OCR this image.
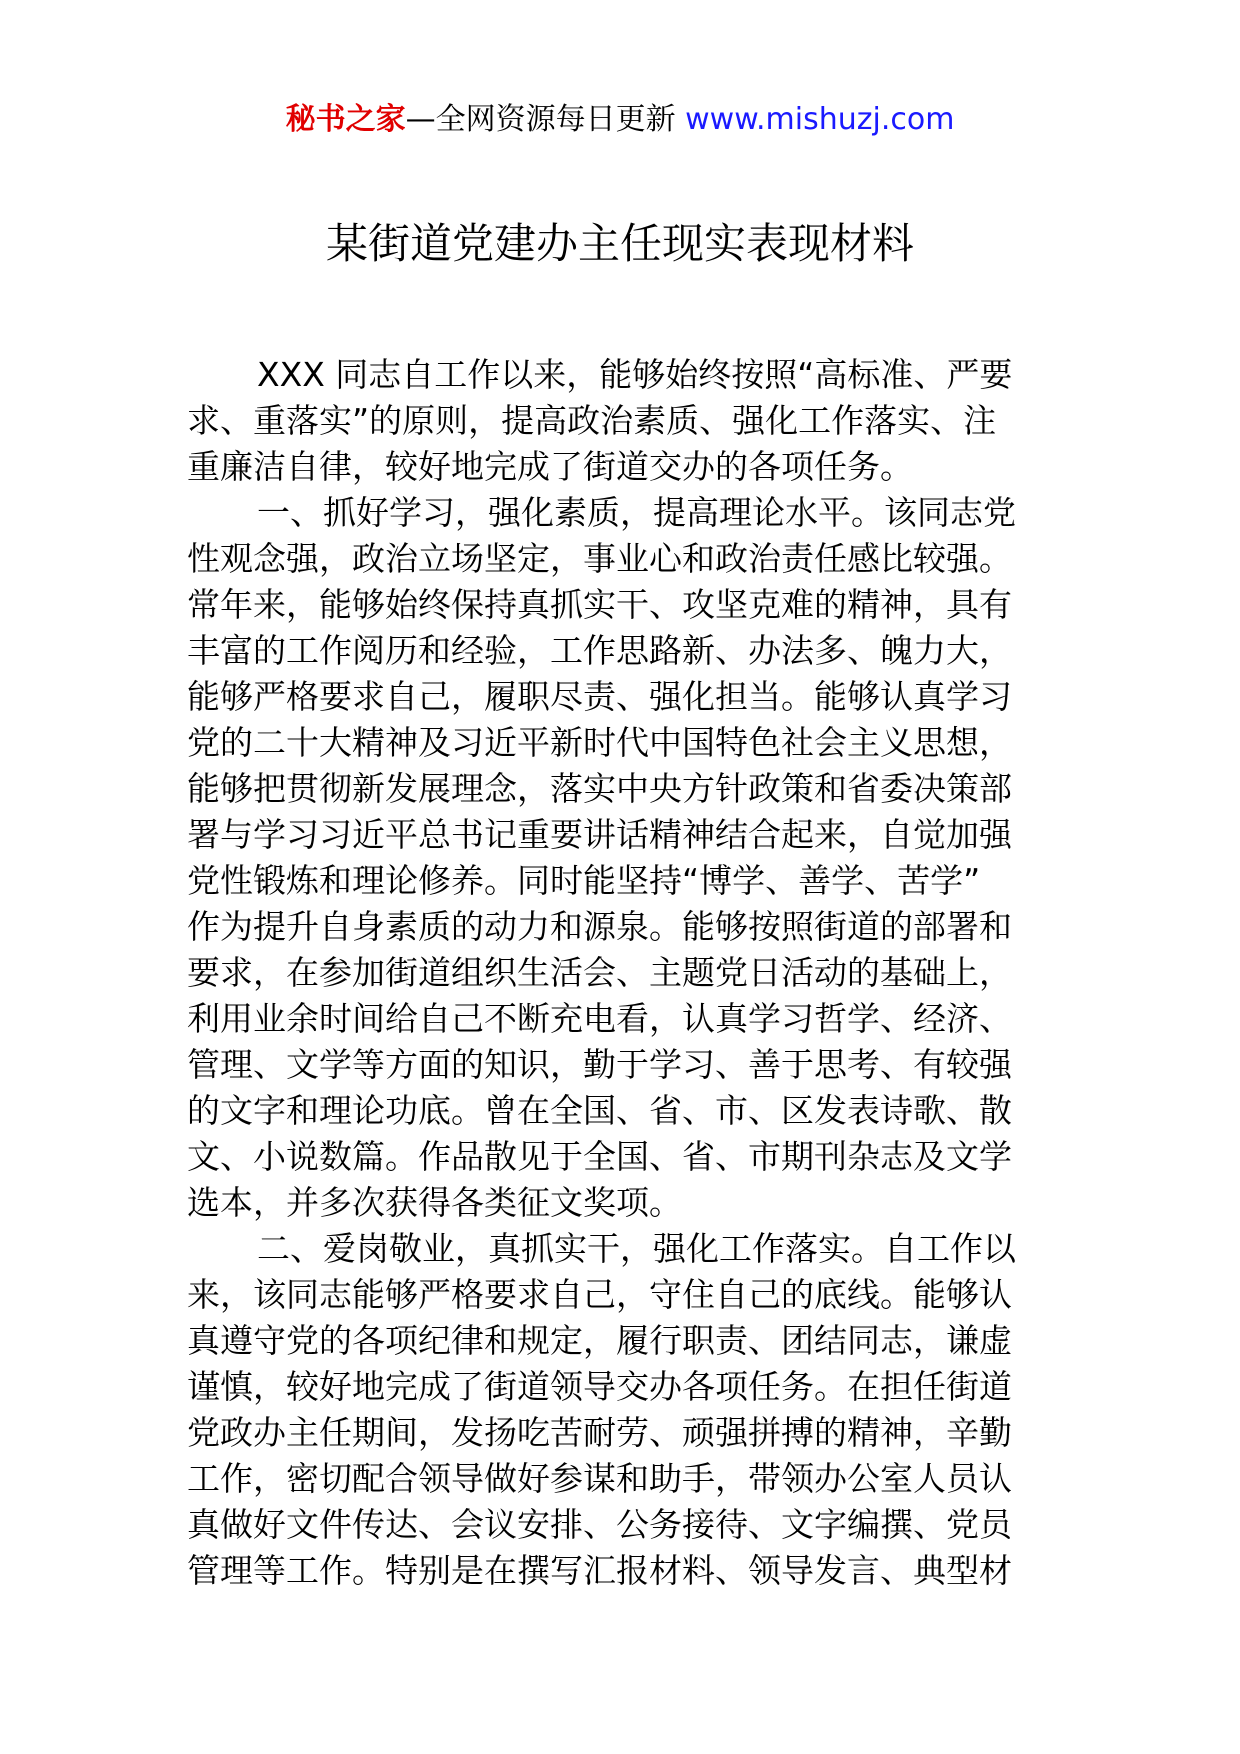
秘书之家—全网资源每日更新 www.mishuzj.com
某街道党建办主任现实表现材料
XXX 同志自工作以来，能够始终按照“高标准、严要
求、重落实”的原则，提高政治素质、强化工作落实、注
重廉洁自律，较好地完成了街道交办的各项任务。
一、抓好学习，强化素质，提高理论水平。该同志党
性观念强，政治立场坚定，事业心和政治责任感比较强。
常年来，能够始终保持真抓实干、攻坚克难的精神，具有
丰富的工作阅历和经验，工作思路新、办法多、魄力大，
能够严格要求自己，履职尽责、强化担当。能够认真学习
党的二十大精神及习近平新时代中国特色社会主义思想，
能够把贯彻新发展理念，落实中央方针政策和省委决策部
署与学习习近平总书记重要讲话精神结合起来，自觉加强
党性锻炼和理论修养。同时能坚持“博学、善学、苦学”
作为提升自身素质的动力和源泉。能够按照街道的部署和
要求，在参加街道组织生活会、主题党日活动的基础上，
利用业余时间给自己不断充电看，认真学习哲学、经济、
管理、文学等方面的知识，勤于学习、善于思考、有较强
的文字和理论功底。曾在全国、省、市、区发表诗歌、散
文、小说数篇。作品散见于全国、省、市期刊杂志及文学
选本，并多次获得各类征文奖项。
二、爱岗敬业，真抓实干，强化工作落实。自工作以
来，该同志能够严格要求自己，守住自己的底线。能够认
真遵守党的各项纪律和规定，履行职责、团结同志，谦虚
谨慎，较好地完成了街道领导交办各项任务。在担任街道
党政办主任期间，发扬吃苦耐劳、顽强拼搏的精神，辛勤
工作，密切配合领导做好参谋和助手，带领办公室人员认
真做好文件传达、会议安排、公务接待、文字编撰、党员
管理等工作。特别是在撰写汇报材料、领导发言、典型材
